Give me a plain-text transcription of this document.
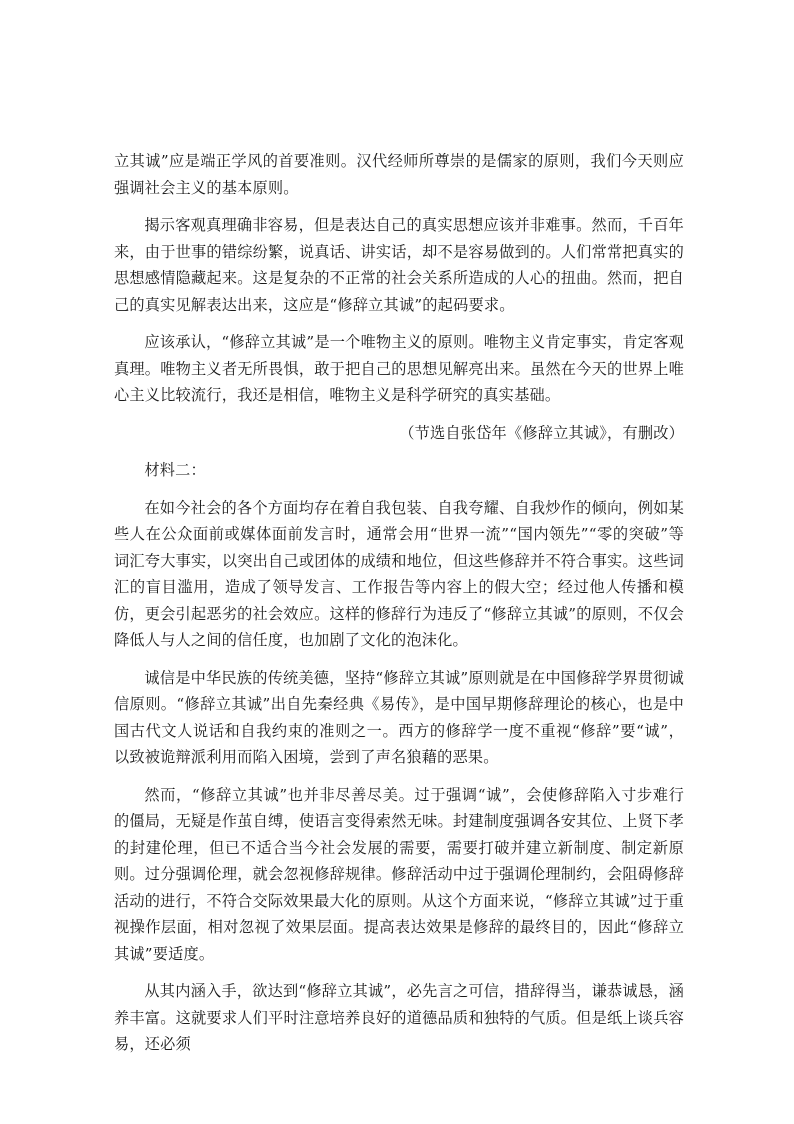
立其诚”应是端正学风的首要准则。汉代经师所尊崇的是儒家的原则，我们今天则应强调社会主义的基本原则。

揭示客观真理确非容易，但是表达自己的真实思想应该并非难事。然而，千百年来，由于世事的错综纷繁，说真话、讲实话，却不是容易做到的。人们常常把真实的思想感情隐藏起来。这是复杂的不正常的社会关系所造成的人心的扭曲。然而，把自己的真实见解表达出来，这应是“修辞立其诚”的起码要求。

应该承认，“修辞立其诚”是一个唯物主义的原则。唯物主义肯定事实，肯定客观真理。唯物主义者无所畏惧，敢于把自己的思想见解亮出来。虽然在今天的世界上唯心主义比较流行，我还是相信，唯物主义是科学研究的真实基础。

（节选自张岱年《修辞立其诚》，有删改）

材料二：

在如今社会的各个方面均存在着自我包装、自我夸耀、自我炒作的倾向，例如某些人在公众面前或媒体面前发言时，通常会用“世界一流”“国内领先”“零的突破”等词汇夸大事实，以突出自己或团体的成绩和地位，但这些修辞并不符合事实。这些词汇的盲目滥用，造成了领导发言、工作报告等内容上的假大空；经过他人传播和模仿，更会引起恶劣的社会效应。这样的修辞行为违反了“修辞立其诚”的原则，不仅会降低人与人之间的信任度，也加剧了文化的泡沫化。

诚信是中华民族的传统美德，坚持“修辞立其诚”原则就是在中国修辞学界贯彻诚信原则。“修辞立其诚”出自先秦经典《易传》，是中国早期修辞理论的核心，也是中国古代文人说话和自我约束的准则之一。西方的修辞学一度不重视“修辞”要“诚”，以致被诡辩派利用而陷入困境，尝到了声名狼藉的恶果。

然而，“修辞立其诚”也并非尽善尽美。过于强调“诚”，会使修辞陷入寸步难行的僵局，无疑是作茧自缚，使语言变得索然无味。封建制度强调各安其位、上贤下孝的封建伦理，但已不适合当今社会发展的需要，需要打破并建立新制度、制定新原则。过分强调伦理，就会忽视修辞规律。修辞活动中过于强调伦理制约，会阻碍修辞活动的进行，不符合交际效果最大化的原则。从这个方面来说，“修辞立其诚”过于重视操作层面，相对忽视了效果层面。提高表达效果是修辞的最终目的，因此“修辞立其诚”要适度。

从其内涵入手，欲达到“修辞立其诚”，必先言之可信，措辞得当，谦恭诚恳，涵养丰富。这就要求人们平时注意培养良好的道德品质和独特的气质。但是纸上谈兵容易，还必须
